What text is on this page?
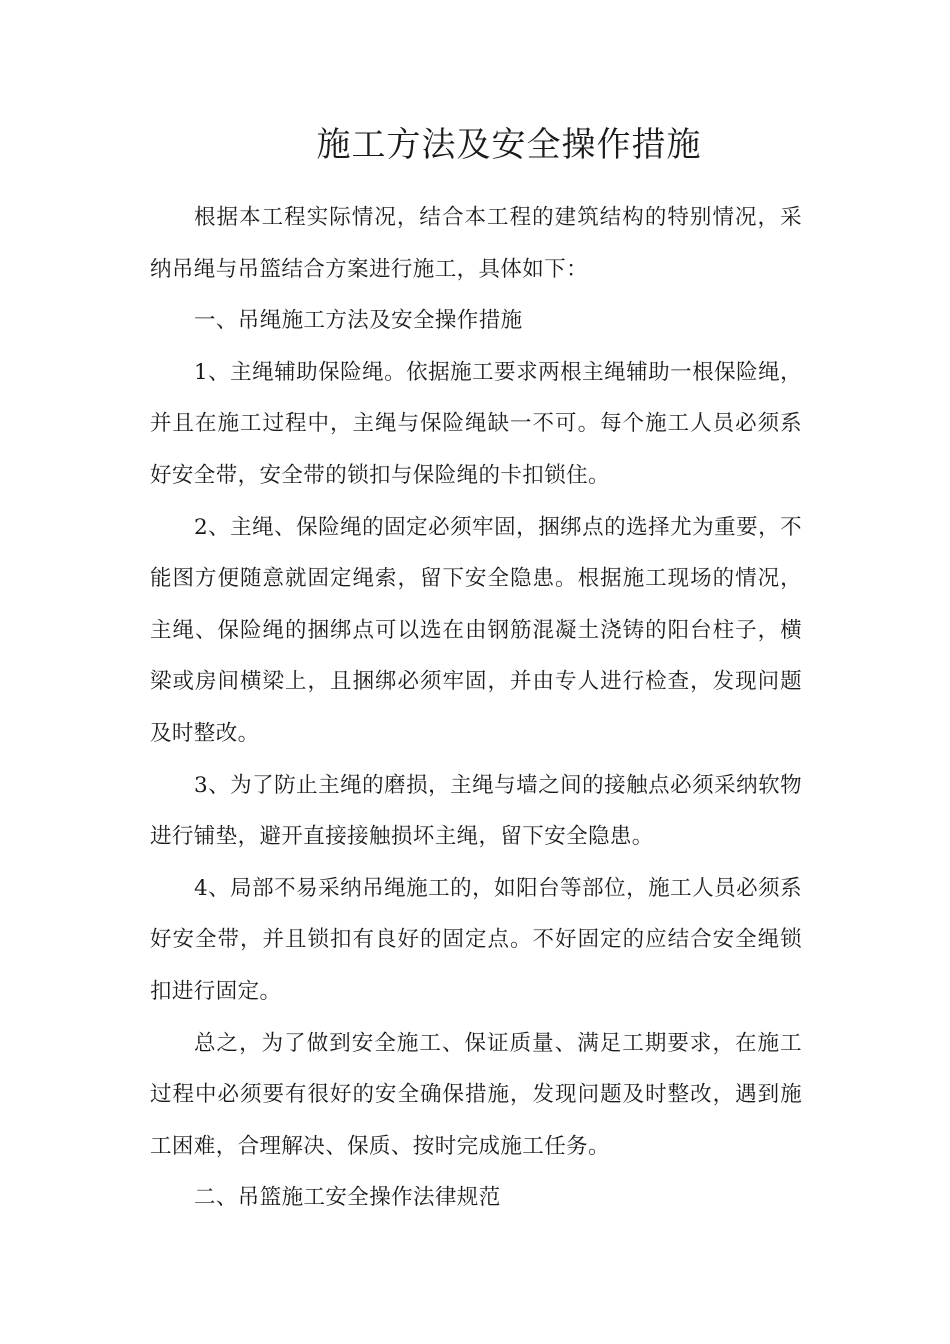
施工方法及安全操作措施

根据本工程实际情况，结合本工程的建筑结构的特别情况，采纳吊绳与吊篮结合方案进行施工，具体如下：

一、吊绳施工方法及安全操作措施

1、主绳辅助保险绳。依据施工要求两根主绳辅助一根保险绳，并且在施工过程中，主绳与保险绳缺一不可。每个施工人员必须系好安全带，安全带的锁扣与保险绳的卡扣锁住。

2、主绳、保险绳的固定必须牢固，捆绑点的选择尤为重要，不能图方便随意就固定绳索，留下安全隐患。根据施工现场的情况，主绳、保险绳的捆绑点可以选在由钢筋混凝土浇铸的阳台柱子，横梁或房间横梁上，且捆绑必须牢固，并由专人进行检查，发现问题及时整改。

3、为了防止主绳的磨损，主绳与墙之间的接触点必须采纳软物进行铺垫，避开直接接触损坏主绳，留下安全隐患。

4、局部不易采纳吊绳施工的，如阳台等部位，施工人员必须系好安全带，并且锁扣有良好的固定点。不好固定的应结合安全绳锁扣进行固定。

总之，为了做到安全施工、保证质量、满足工期要求，在施工过程中必须要有很好的安全确保措施，发现问题及时整改，遇到施工困难，合理解决、保质、按时完成施工任务。

二、吊篮施工安全操作法律规范
